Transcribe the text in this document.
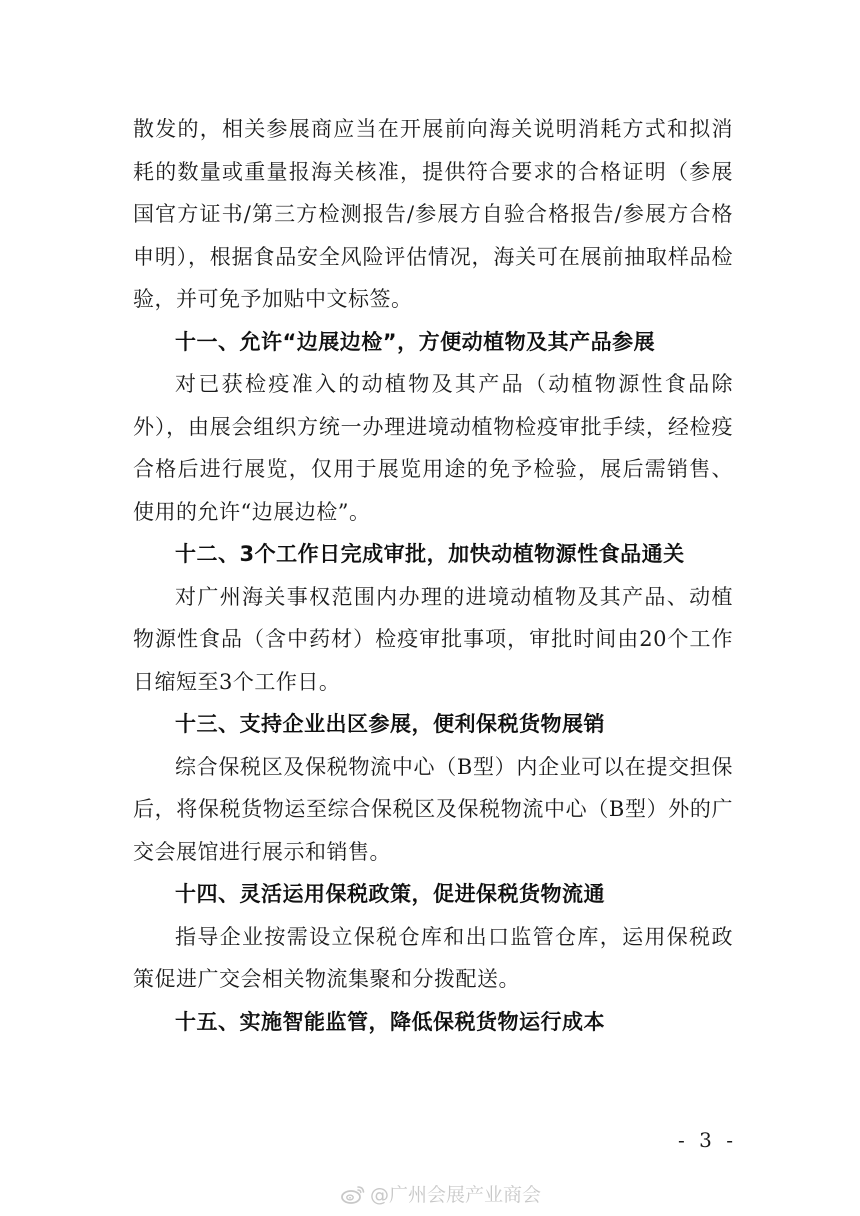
散发的，相关参展商应当在开展前向海关说明消耗方式和拟消耗的数量或重量报海关核准，提供符合要求的合格证明（参展国官方证书/第三方检测报告/参展方自验合格报告/参展方合格申明），根据食品安全风险评估情况，海关可在展前抽取样品检验，并可免予加贴中文标签。

十一、允许“边展边检”，方便动植物及其产品参展

对已获检疫准入的动植物及其产品（动植物源性食品除外），由展会组织方统一办理进境动植物检疫审批手续，经检疫合格后进行展览，仅用于展览用途的免予检验，展后需销售、使用的允许“边展边检”。

十二、3个工作日完成审批，加快动植物源性食品通关

对广州海关事权范围内办理的进境动植物及其产品、动植物源性食品（含中药材）检疫审批事项，审批时间由20个工作日缩短至3个工作日。

十三、支持企业出区参展，便利保税货物展销

综合保税区及保税物流中心（B型）内企业可以在提交担保后，将保税货物运至综合保税区及保税物流中心（B型）外的广交会展馆进行展示和销售。

十四、灵活运用保税政策，促进保税货物流通

指导企业按需设立保税仓库和出口监管仓库，运用保税政策促进广交会相关物流集聚和分拨配送。

十五、实施智能监管，降低保税货物运行成本

- 3 -
@广州会展产业商会
